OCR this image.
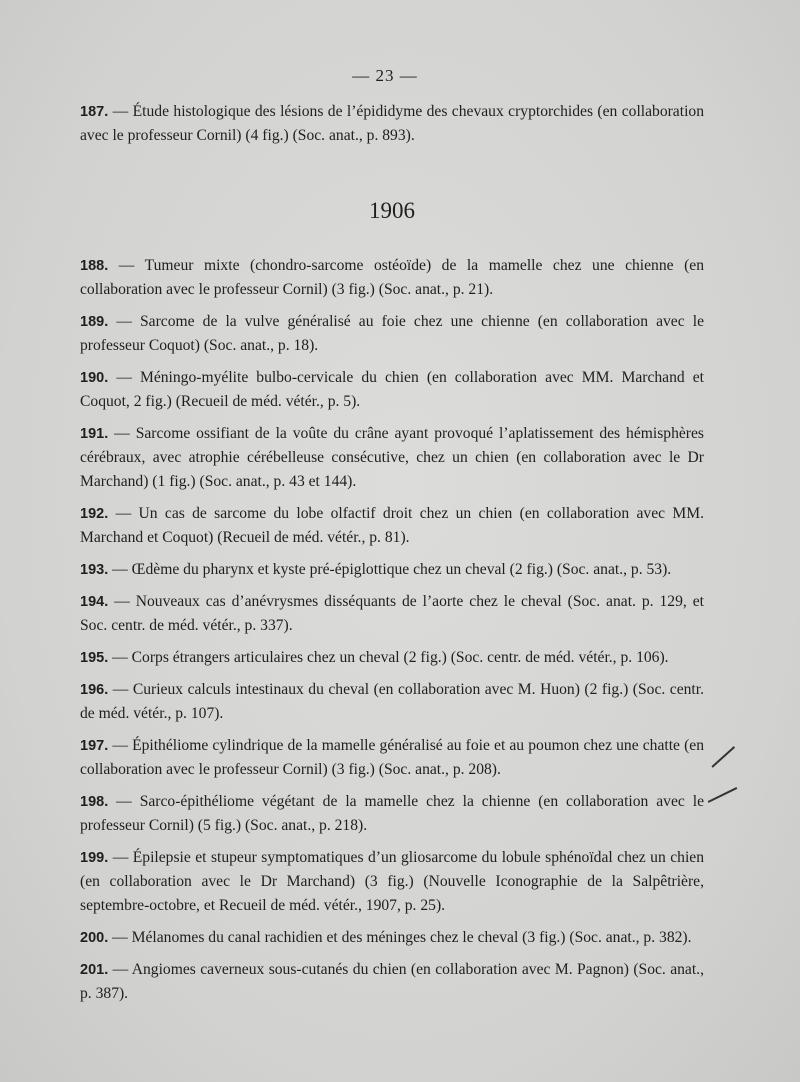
— 23 —
187. — Étude histologique des lésions de l’épididyme des chevaux cryptorchides (en collaboration avec le professeur Cornil) (4 fig.) (Soc. anat., p. 893).
1906
188. — Tumeur mixte (chondro-sarcome ostéoïde) de la mamelle chez une chienne (en collaboration avec le professeur Cornil) (3 fig.) (Soc. anat., p. 21).
189. — Sarcome de la vulve généralisé au foie chez une chienne (en collaboration avec le professeur Coquot) (Soc. anat., p. 18).
190. — Méningo-myélite bulbo-cervicale du chien (en collaboration avec MM. Marchand et Coquot, 2 fig.) (Recueil de méd. vétér., p. 5).
191. — Sarcome ossifiant de la voûte du crâne ayant provoqué l’aplatissement des hémisphères cérébraux, avec atrophie cérébelleuse consécutive, chez un chien (en collaboration avec le Dr Marchand) (1 fig.) (Soc. anat., p. 43 et 144).
192. — Un cas de sarcome du lobe olfactif droit chez un chien (en collaboration avec MM. Marchand et Coquot) (Recueil de méd. vétér., p. 81).
193. — Œdème du pharynx et kyste pré-épiglottique chez un cheval (2 fig.) (Soc. anat., p. 53).
194. — Nouveaux cas d’anévrysmes disséquants de l’aorte chez le cheval (Soc. anat. p. 129, et Soc. centr. de méd. vétér., p. 337).
195. — Corps étrangers articulaires chez un cheval (2 fig.) (Soc. centr. de méd. vétér., p. 106).
196. — Curieux calculs intestinaux du cheval (en collaboration avec M. Huon) (2 fig.) (Soc. centr. de méd. vétér., p. 107).
197. — Épithéliome cylindrique de la mamelle généralisé au foie et au poumon chez une chatte (en collaboration avec le professeur Cornil) (3 fig.) (Soc. anat., p. 208).
198. — Sarco-épithéliome végétant de la mamelle chez la chienne (en collaboration avec le professeur Cornil) (5 fig.) (Soc. anat., p. 218).
199. — Épilepsie et stupeur symptomatiques d’un gliosarcome du lobule sphénoïdal chez un chien (en collaboration avec le Dr Marchand) (3 fig.) (Nouvelle Iconographie de la Salpêtrière, septembre-octobre, et Recueil de méd. vétér., 1907, p. 25).
200. — Mélanomes du canal rachidien et des méninges chez le cheval (3 fig.) (Soc. anat., p. 382).
201. — Angiomes caverneux sous-cutanés du chien (en collaboration avec M. Pagnon) (Soc. anat., p. 387).
